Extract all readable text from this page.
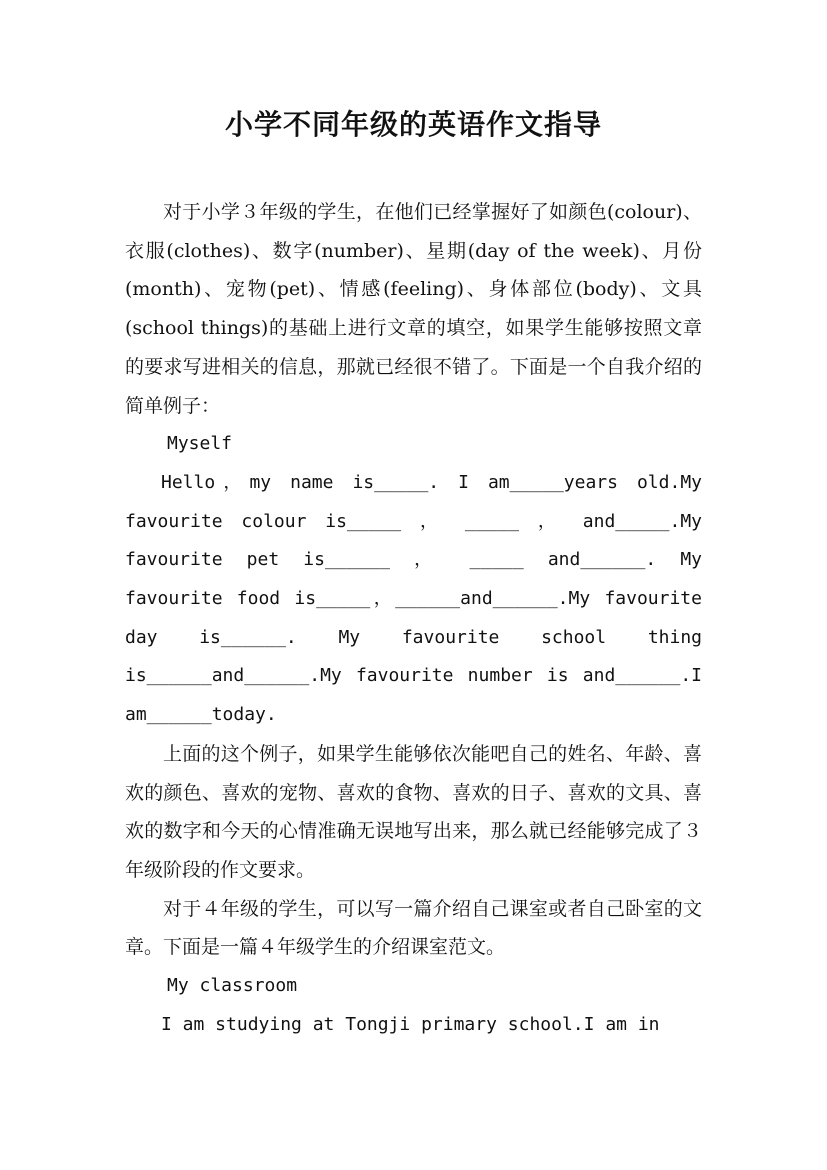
小学不同年级的英语作文指导

对于小学３年级的学生，在他们已经掌握好了如颜色(colour)、衣服(clothes)、数字(number)、星期(day of the week)、月份(month)、宠物(pet)、情感(feeling)、身体部位(body)、文具(school things)的基础上进行文章的填空，如果学生能够按照文章的要求写进相关的信息，那就已经很不错了。下面是一个自我介绍的简单例子：

Myself

Hello，my name is_____. I am_____years old.My favourite colour is_____ ， _____ ， and_____.My favourite pet is______ ， _____ and______. My favourite food is_____，______and______.My favourite day is______. My favourite school thing is______and______.My favourite number is and______.I am______today.

上面的这个例子，如果学生能够依次能吧自己的姓名、年龄、喜欢的颜色、喜欢的宠物、喜欢的食物、喜欢的日子、喜欢的文具、喜欢的数字和今天的心情准确无误地写出来，那么就已经能够完成了３年级阶段的作文要求。

对于４年级的学生，可以写一篇介绍自己课室或者自己卧室的文章。下面是一篇４年级学生的介绍课室范文。

My classroom

I am studying at Tongji primary school.I am in
